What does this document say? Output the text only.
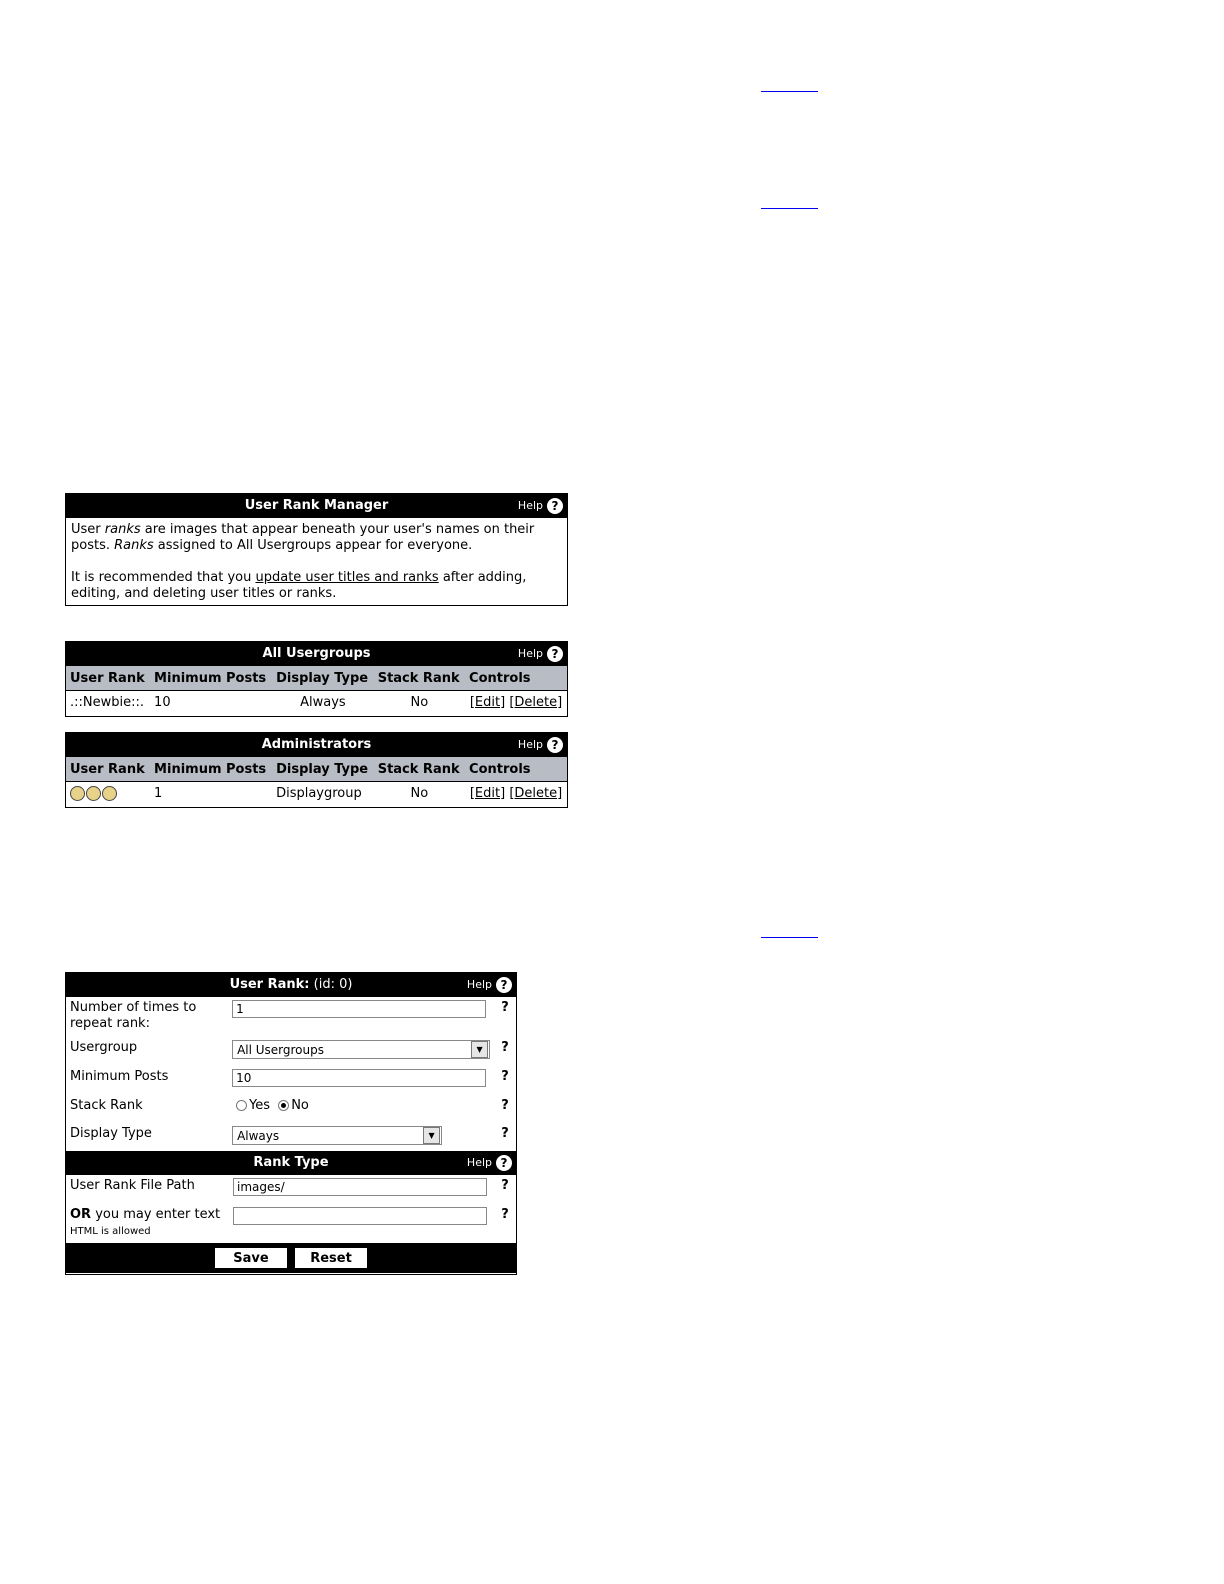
User Rank Manager	Help ?

User ranks are images that appear beneath your user's names on their posts. Ranks assigned to All Usergroups appear for everyone.

It is recommended that you update user titles and ranks after adding, editing, and deleting user titles or ranks.

All Usergroups	Help ?
User Rank	Minimum Posts	Display Type	Stack Rank	Controls
.::Newbie::.	10	Always	No	[Edit] [Delete]
Administrators	Help ?
User Rank	Minimum Posts	Display Type	Stack Rank	Controls
	1	Displaygroup	No	[Edit] [Delete]
User Rank: (id: 0)	Help ?
Number of times to repeat rank:	1	?
Usergroup	All Usergroups ▼	?
Minimum Posts	10	?
Stack Rank	Yes No	?
Display Type	Always ▼	?
Rank Type	Help ?
User Rank File Path	images/	?
OR you may enter text
HTML is allowed		?
Save	Reset
